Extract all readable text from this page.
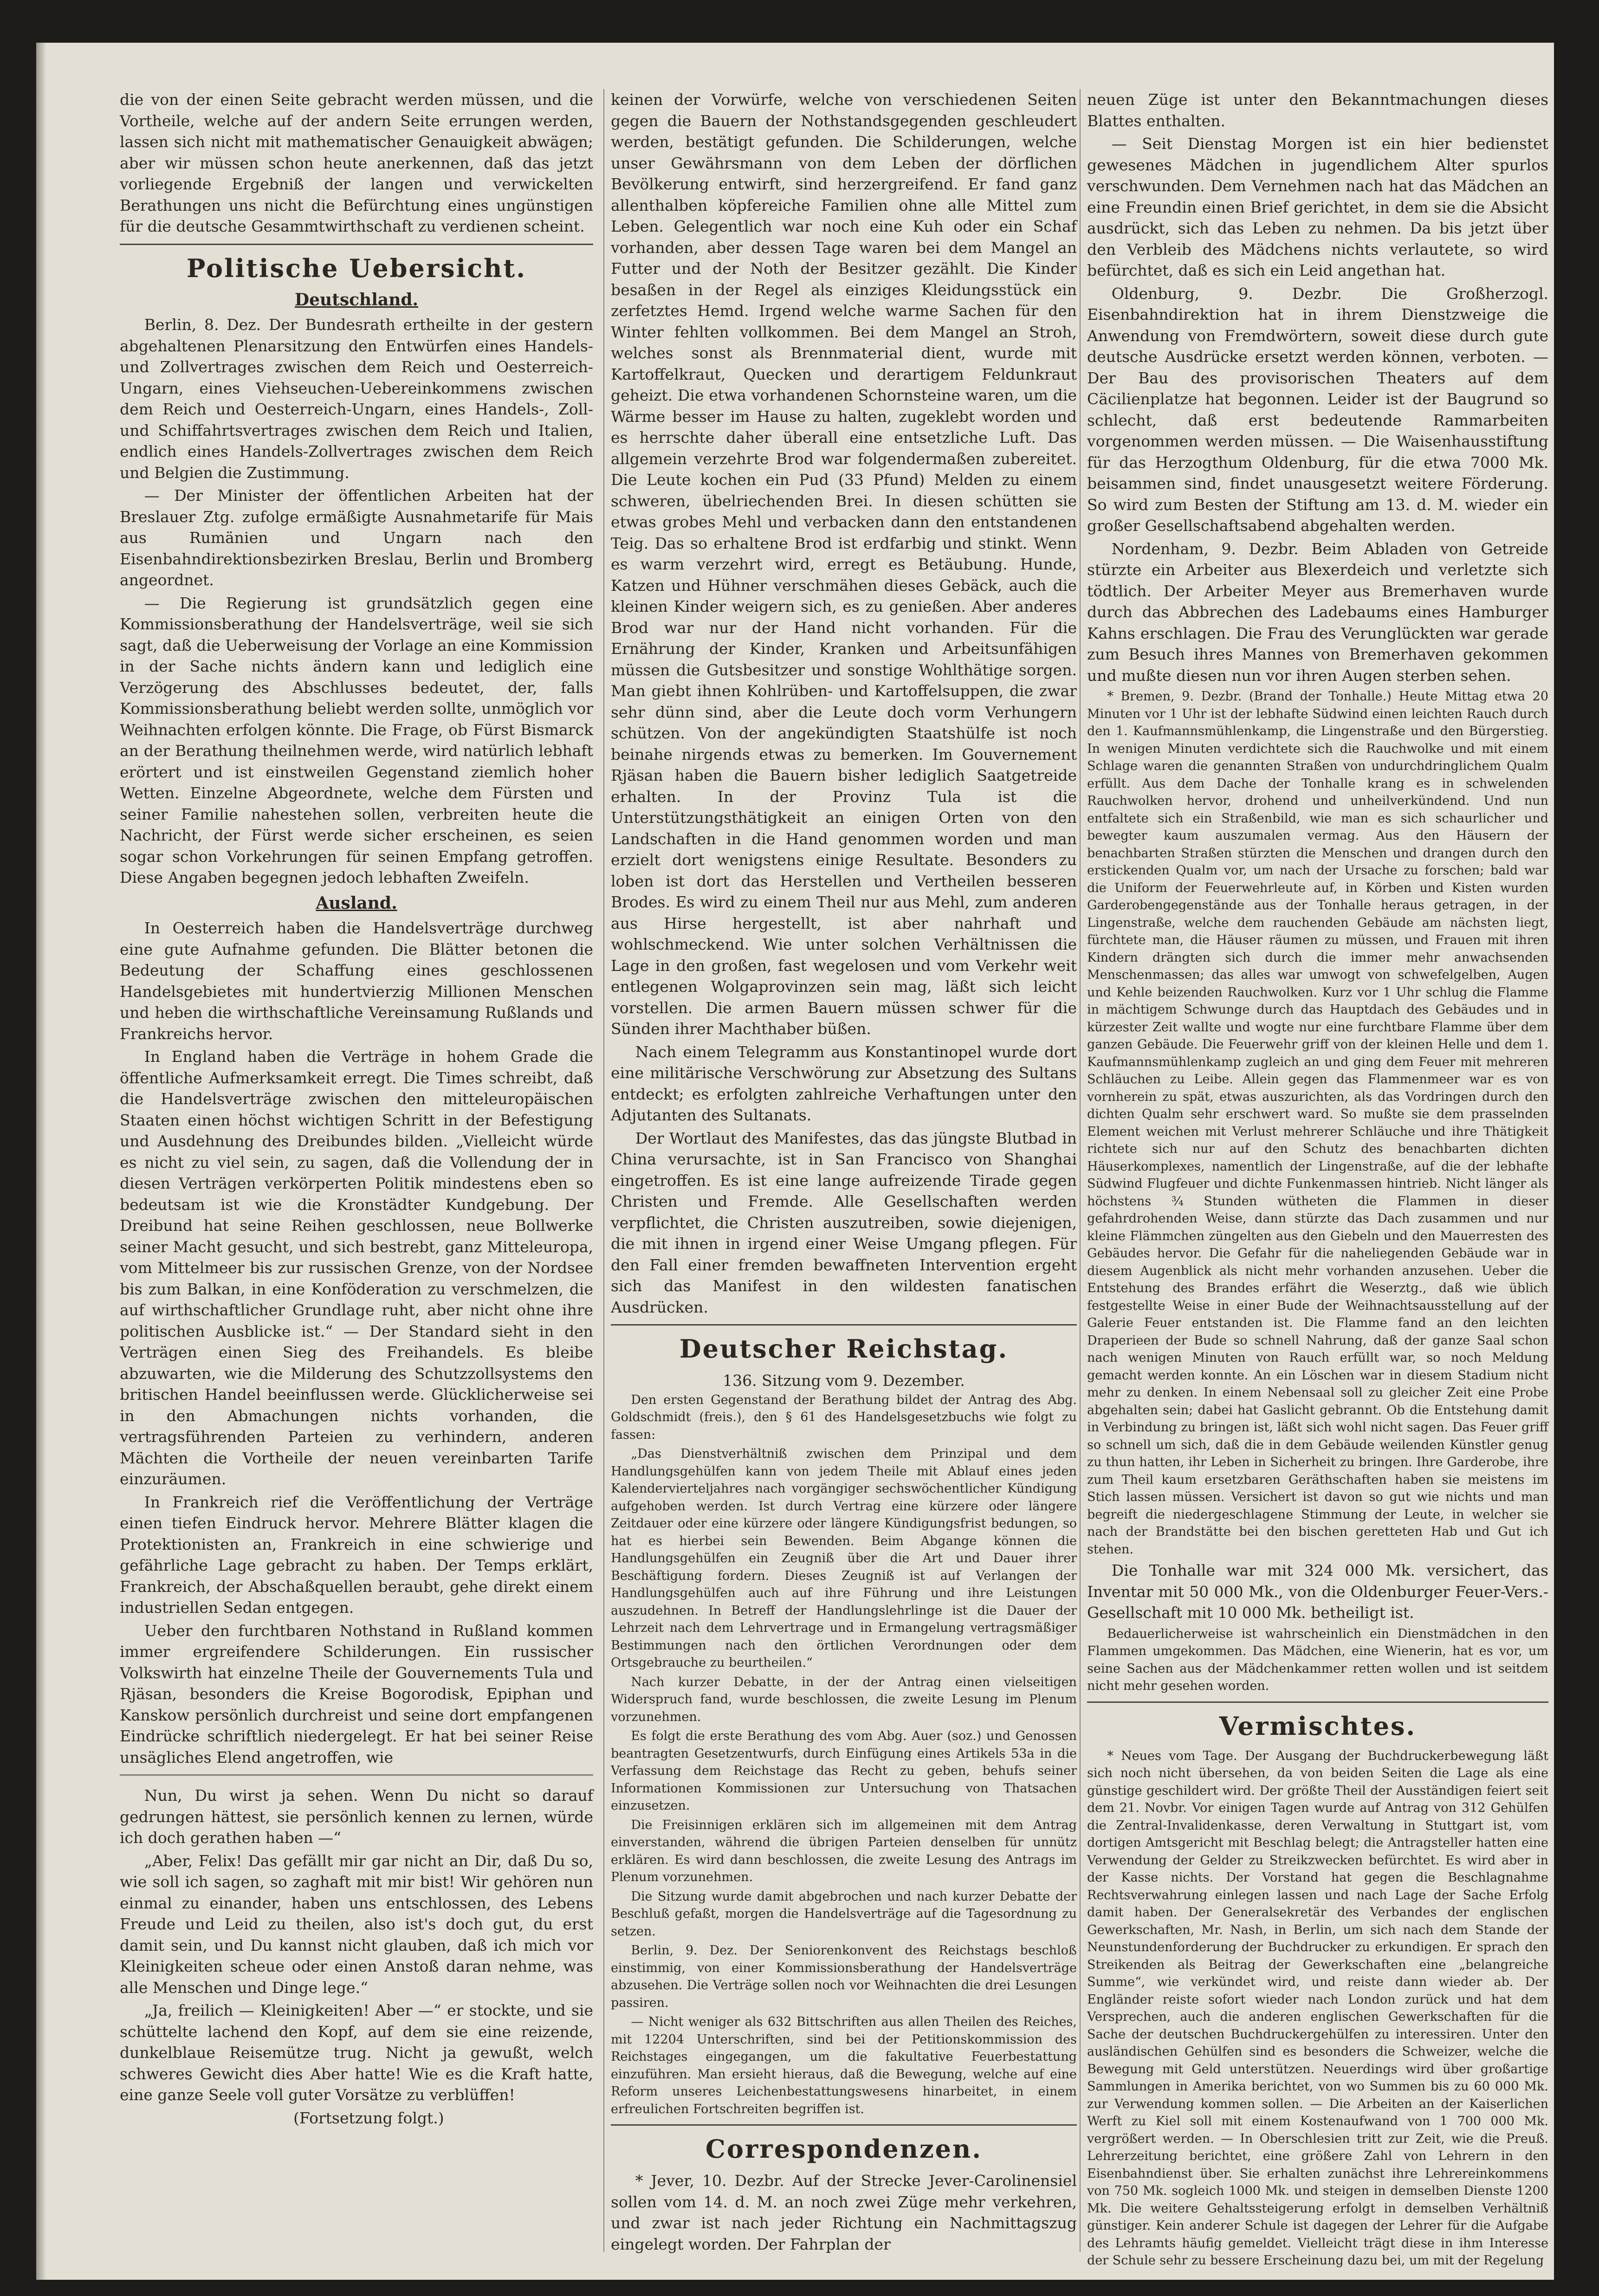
die von der einen Seite gebracht werden müssen, und die Vortheile, welche auf der andern Seite errungen werden, lassen sich nicht mit mathematischer Genauigkeit abwägen; aber wir müssen schon heute anerkennen, daß das jetzt vorliegende Ergebniß der langen und verwickelten Berathungen uns nicht die Befürchtung eines ungünstigen für die deutsche Gesammtwirthschaft zu verdienen scheint.

Politische Uebersicht.
Deutschland.

Berlin, 8. Dez. Der Bundesrath ertheilte in der gestern abgehaltenen Plenarsitzung den Entwürfen eines Handels- und Zollvertrages zwischen dem Reich und Oesterreich-Ungarn, eines Viehseuchen-Uebereinkommens zwischen dem Reich und Oesterreich-Ungarn, eines Handels-, Zoll- und Schiffahrtsvertrages zwischen dem Reich und Italien, endlich eines Handels-Zollvertrages zwischen dem Reich und Belgien die Zustimmung.

— Der Minister der öffentlichen Arbeiten hat der Breslauer Ztg. zufolge ermäßigte Ausnahmetarife für Mais aus Rumänien und Ungarn nach den Eisenbahndirektionsbezirken Breslau, Berlin und Bromberg angeordnet.

— Die Regierung ist grundsätzlich gegen eine Kommissionsberathung der Handelsverträge, weil sie sich sagt, daß die Ueberweisung der Vorlage an eine Kommission in der Sache nichts ändern kann und lediglich eine Verzögerung des Abschlusses bedeutet, der, falls Kommissionsberathung beliebt werden sollte, unmöglich vor Weihnachten erfolgen könnte. Die Frage, ob Fürst Bismarck an der Berathung theilnehmen werde, wird natürlich lebhaft erörtert und ist einstweilen Gegenstand ziemlich hoher Wetten. Einzelne Abgeordnete, welche dem Fürsten und seiner Familie nahestehen sollen, verbreiten heute die Nachricht, der Fürst werde sicher erscheinen, es seien sogar schon Vorkehrungen für seinen Empfang getroffen. Diese Angaben begegnen jedoch lebhaften Zweifeln.

Ausland.

In Oesterreich haben die Handelsverträge durchweg eine gute Aufnahme gefunden. Die Blätter betonen die Bedeutung der Schaffung eines geschlossenen Handelsgebietes mit hundertvierzig Millionen Menschen und heben die wirthschaftliche Vereinsamung Rußlands und Frankreichs hervor.

In England haben die Verträge in hohem Grade die öffentliche Aufmerksamkeit erregt. Die Times schreibt, daß die Handelsverträge zwischen den mitteleuropäischen Staaten einen höchst wichtigen Schritt in der Befestigung und Ausdehnung des Dreibundes bilden. „Vielleicht würde es nicht zu viel sein, zu sagen, daß die Vollendung der in diesen Verträgen verkörperten Politik mindestens eben so bedeutsam ist wie die Kronstädter Kundgebung. Der Dreibund hat seine Reihen geschlossen, neue Bollwerke seiner Macht gesucht, und sich bestrebt, ganz Mitteleuropa, vom Mittelmeer bis zur russischen Grenze, von der Nordsee bis zum Balkan, in eine Konföderation zu verschmelzen, die auf wirthschaftlicher Grundlage ruht, aber nicht ohne ihre politischen Ausblicke ist.“ — Der Standard sieht in den Verträgen einen Sieg des Freihandels. Es bleibe abzuwarten, wie die Milderung des Schutzzollsystems den britischen Handel beeinflussen werde. Glücklicherweise sei in den Abmachungen nichts vorhanden, die vertragsführenden Parteien zu verhindern, anderen Mächten die Vortheile der neuen vereinbarten Tarife einzuräumen.

In Frankreich rief die Veröffentlichung der Verträge einen tiefen Eindruck hervor. Mehrere Blätter klagen die Protektionisten an, Frankreich in eine schwierige und gefährliche Lage gebracht zu haben. Der Temps erklärt, Frankreich, der Abschaßquellen beraubt, gehe direkt einem industriellen Sedan entgegen.

Ueber den furchtbaren Nothstand in Rußland kommen immer ergreifendere Schilderungen. Ein russischer Volkswirth hat einzelne Theile der Gouvernements Tula und Rjäsan, besonders die Kreise Bogorodisk, Epiphan und Kanskow persönlich durchreist und seine dort empfangenen Eindrücke schriftlich niedergelegt. Er hat bei seiner Reise unsägliches Elend angetroffen, wie

Nun, Du wirst ja sehen. Wenn Du nicht so darauf gedrungen hättest, sie persönlich kennen zu lernen, würde ich doch gerathen haben —“

„Aber, Felix! Das gefällt mir gar nicht an Dir, daß Du so, wie soll ich sagen, so zaghaft mit mir bist! Wir gehören nun einmal zu einander, haben uns entschlossen, des Lebens Freude und Leid zu theilen, also ist's doch gut, du erst damit sein, und Du kannst nicht glauben, daß ich mich vor Kleinigkeiten scheue oder einen Anstoß daran nehme, was alle Menschen und Dinge lege.“

„Ja, freilich — Kleinigkeiten! Aber —“ er stockte, und sie schüttelte lachend den Kopf, auf dem sie eine reizende, dunkelblaue Reisemütze trug. Nicht ja gewußt, welch schweres Gewicht dies Aber hatte! Wie es die Kraft hatte, eine ganze Seele voll guter Vorsätze zu verblüffen!

(Fortsetzung folgt.)

keinen der Vorwürfe, welche von verschiedenen Seiten gegen die Bauern der Nothstandsgegenden geschleudert werden, bestätigt gefunden. Die Schilderungen, welche unser Gewährsmann von dem Leben der dörflichen Bevölkerung entwirft, sind herzergreifend. Er fand ganz allenthalben köpfereiche Familien ohne alle Mittel zum Leben. Gelegentlich war noch eine Kuh oder ein Schaf vorhanden, aber dessen Tage waren bei dem Mangel an Futter und der Noth der Besitzer gezählt. Die Kinder besaßen in der Regel als einziges Kleidungsstück ein zerfetztes Hemd. Irgend welche warme Sachen für den Winter fehlten vollkommen. Bei dem Mangel an Stroh, welches sonst als Brennmaterial dient, wurde mit Kartoffelkraut, Quecken und derartigem Feldunkraut geheizt. Die etwa vorhandenen Schornsteine waren, um die Wärme besser im Hause zu halten, zugeklebt worden und es herrschte daher überall eine entsetzliche Luft. Das allgemein verzehrte Brod war folgendermaßen zubereitet. Die Leute kochen ein Pud (33 Pfund) Melden zu einem schweren, übelriechenden Brei. In diesen schütten sie etwas grobes Mehl und verbacken dann den entstandenen Teig. Das so erhaltene Brod ist erdfarbig und stinkt. Wenn es warm verzehrt wird, erregt es Betäubung. Hunde, Katzen und Hühner verschmähen dieses Gebäck, auch die kleinen Kinder weigern sich, es zu genießen. Aber anderes Brod war nur der Hand nicht vorhanden. Für die Ernährung der Kinder, Kranken und Arbeitsunfähigen müssen die Gutsbesitzer und sonstige Wohlthätige sorgen. Man giebt ihnen Kohlrüben- und Kartoffelsuppen, die zwar sehr dünn sind, aber die Leute doch vorm Verhungern schützen. Von der angekündigten Staatshülfe ist noch beinahe nirgends etwas zu bemerken. Im Gouvernement Rjäsan haben die Bauern bisher lediglich Saatgetreide erhalten. In der Provinz Tula ist die Unterstützungsthätigkeit an einigen Orten von den Landschaften in die Hand genommen worden und man erzielt dort wenigstens einige Resultate. Besonders zu loben ist dort das Herstellen und Vertheilen besseren Brodes. Es wird zu einem Theil nur aus Mehl, zum anderen aus Hirse hergestellt, ist aber nahrhaft und wohlschmeckend. Wie unter solchen Verhältnissen die Lage in den großen, fast wegelosen und vom Verkehr weit entlegenen Wolgaprovinzen sein mag, läßt sich leicht vorstellen. Die armen Bauern müssen schwer für die Sünden ihrer Machthaber büßen.

Nach einem Telegramm aus Konstantinopel wurde dort eine militärische Verschwörung zur Absetzung des Sultans entdeckt; es erfolgten zahlreiche Verhaftungen unter den Adjutanten des Sultanats.

Der Wortlaut des Manifestes, das das jüngste Blutbad in China verursachte, ist in San Francisco von Shanghai eingetroffen. Es ist eine lange aufreizende Tirade gegen Christen und Fremde. Alle Gesellschaften werden verpflichtet, die Christen auszutreiben, sowie diejenigen, die mit ihnen in irgend einer Weise Umgang pflegen. Für den Fall einer fremden bewaffneten Intervention ergeht sich das Manifest in den wildesten fanatischen Ausdrücken.

Deutscher Reichstag.
136. Sitzung vom 9. Dezember.

Den ersten Gegenstand der Berathung bildet der Antrag des Abg. Goldschmidt (freis.), den § 61 des Handelsgesetzbuchs wie folgt zu fassen:

„Das Dienstverhältniß zwischen dem Prinzipal und dem Handlungsgehülfen kann von jedem Theile mit Ablauf eines jeden Kalendervierteljahres nach vorgängiger sechswöchentlicher Kündigung aufgehoben werden. Ist durch Vertrag eine kürzere oder längere Zeitdauer oder eine kürzere oder längere Kündigungsfrist bedungen, so hat es hierbei sein Bewenden. Beim Abgange können die Handlungsgehülfen ein Zeugniß über die Art und Dauer ihrer Beschäftigung fordern. Dieses Zeugniß ist auf Verlangen der Handlungsgehülfen auch auf ihre Führung und ihre Leistungen auszudehnen. In Betreff der Handlungslehrlinge ist die Dauer der Lehrzeit nach dem Lehrvertrage und in Ermangelung vertragsmäßiger Bestimmungen nach den örtlichen Verordnungen oder dem Ortsgebrauche zu beurtheilen.“

Nach kurzer Debatte, in der der Antrag einen vielseitigen Widerspruch fand, wurde beschlossen, die zweite Lesung im Plenum vorzunehmen.

Es folgt die erste Berathung des vom Abg. Auer (soz.) und Genossen beantragten Gesetzentwurfs, durch Einfügung eines Artikels 53a in die Verfassung dem Reichstage das Recht zu geben, behufs seiner Informationen Kommissionen zur Untersuchung von Thatsachen einzusetzen.

Die Freisinnigen erklären sich im allgemeinen mit dem Antrag einverstanden, während die übrigen Parteien denselben für unnütz erklären. Es wird dann beschlossen, die zweite Lesung des Antrags im Plenum vorzunehmen.

Die Sitzung wurde damit abgebrochen und nach kurzer Debatte der Beschluß gefaßt, morgen die Handelsverträge auf die Tagesordnung zu setzen.

Berlin, 9. Dez. Der Seniorenkonvent des Reichstags beschloß einstimmig, von einer Kommissionsberathung der Handelsverträge abzusehen. Die Verträge sollen noch vor Weihnachten die drei Lesungen passiren.

— Nicht weniger als 632 Bittschriften aus allen Theilen des Reiches, mit 12204 Unterschriften, sind bei der Petitionskommission des Reichstages eingegangen, um die fakultative Feuerbestattung einzuführen. Man ersieht hieraus, daß die Bewegung, welche auf eine Reform unseres Leichenbestattungswesens hinarbeitet, in einem erfreulichen Fortschreiten begriffen ist.

Correspondenzen.

* Jever, 10. Dezbr. Auf der Strecke Jever-Carolinensiel sollen vom 14. d. M. an noch zwei Züge mehr verkehren, und zwar ist nach jeder Richtung ein Nachmittagszug eingelegt worden. Der Fahrplan der

neuen Züge ist unter den Bekanntmachungen dieses Blattes enthalten.

— Seit Dienstag Morgen ist ein hier bedienstet gewesenes Mädchen in jugendlichem Alter spurlos verschwunden. Dem Vernehmen nach hat das Mädchen an eine Freundin einen Brief gerichtet, in dem sie die Absicht ausdrückt, sich das Leben zu nehmen. Da bis jetzt über den Verbleib des Mädchens nichts verlautete, so wird befürchtet, daß es sich ein Leid angethan hat.

Oldenburg, 9. Dezbr. Die Großherzogl. Eisenbahndirektion hat in ihrem Dienstzweige die Anwendung von Fremdwörtern, soweit diese durch gute deutsche Ausdrücke ersetzt werden können, verboten. — Der Bau des provisorischen Theaters auf dem Cäcilienplatze hat begonnen. Leider ist der Baugrund so schlecht, daß erst bedeutende Rammarbeiten vorgenommen werden müssen. — Die Waisenhausstiftung für das Herzogthum Oldenburg, für die etwa 7000 Mk. beisammen sind, findet unausgesetzt weitere Förderung. So wird zum Besten der Stiftung am 13. d. M. wieder ein großer Gesellschaftsabend abgehalten werden.

Nordenham, 9. Dezbr. Beim Abladen von Getreide stürzte ein Arbeiter aus Blexerdeich und verletzte sich tödtlich. Der Arbeiter Meyer aus Bremerhaven wurde durch das Abbrechen des Ladebaums eines Hamburger Kahns erschlagen. Die Frau des Verunglückten war gerade zum Besuch ihres Mannes von Bremerhaven gekommen und mußte diesen nun vor ihren Augen sterben sehen.

* Bremen, 9. Dezbr. (Brand der Tonhalle.) Heute Mittag etwa 20 Minuten vor 1 Uhr ist der lebhafte Südwind einen leichten Rauch durch den 1. Kaufmannsmühlenkamp, die Lingenstraße und den Bürgerstieg. In wenigen Minuten verdichtete sich die Rauchwolke und mit einem Schlage waren die genannten Straßen von undurchdringlichem Qualm erfüllt. Aus dem Dache der Tonhalle krang es in schwelenden Rauchwolken hervor, drohend und unheilverkündend. Und nun entfaltete sich ein Straßenbild, wie man es sich schaurlicher und bewegter kaum auszumalen vermag. Aus den Häusern der benachbarten Straßen stürzten die Menschen und drangen durch den erstickenden Qualm vor, um nach der Ursache zu forschen; bald war die Uniform der Feuerwehrleute auf, in Körben und Kisten wurden Garderobengegenstände aus der Tonhalle heraus getragen, in der Lingenstraße, welche dem rauchenden Gebäude am nächsten liegt, fürchtete man, die Häuser räumen zu müssen, und Frauen mit ihren Kindern drängten sich durch die immer mehr anwachsenden Menschenmassen; das alles war umwogt von schwefelgelben, Augen und Kehle beizenden Rauchwolken. Kurz vor 1 Uhr schlug die Flamme in mächtigem Schwunge durch das Hauptdach des Gebäudes und in kürzester Zeit wallte und wogte nur eine furchtbare Flamme über dem ganzen Gebäude. Die Feuerwehr griff von der kleinen Helle und dem 1. Kaufmannsmühlenkamp zugleich an und ging dem Feuer mit mehreren Schläuchen zu Leibe. Allein gegen das Flammenmeer war es von vornherein zu spät, etwas auszurichten, als das Vordringen durch den dichten Qualm sehr erschwert ward. So mußte sie dem prasselnden Element weichen mit Verlust mehrerer Schläuche und ihre Thätigkeit richtete sich nur auf den Schutz des benachbarten dichten Häuserkomplexes, namentlich der Lingenstraße, auf die der lebhafte Südwind Flugfeuer und dichte Funkenmassen hintrieb. Nicht länger als höchstens ¾ Stunden wütheten die Flammen in dieser gefahrdrohenden Weise, dann stürzte das Dach zusammen und nur kleine Flämmchen züngelten aus den Giebeln und den Mauerresten des Gebäudes hervor. Die Gefahr für die naheliegenden Gebäude war in diesem Augenblick als nicht mehr vorhanden anzusehen. Ueber die Entstehung des Brandes erfährt die Weserztg., daß wie üblich festgestellte Weise in einer Bude der Weihnachtsausstellung auf der Galerie Feuer entstanden ist. Die Flamme fand an den leichten Draperieen der Bude so schnell Nahrung, daß der ganze Saal schon nach wenigen Minuten von Rauch erfüllt war, so noch Meldung gemacht werden konnte. An ein Löschen war in diesem Stadium nicht mehr zu denken. In einem Nebensaal soll zu gleicher Zeit eine Probe abgehalten sein; dabei hat Gaslicht gebrannt. Ob die Entstehung damit in Verbindung zu bringen ist, läßt sich wohl nicht sagen. Das Feuer griff so schnell um sich, daß die in dem Gebäude weilenden Künstler genug zu thun hatten, ihr Leben in Sicherheit zu bringen. Ihre Garderobe, ihre zum Theil kaum ersetzbaren Geräthschaften haben sie meistens im Stich lassen müssen. Versichert ist davon so gut wie nichts und man begreift die niedergeschlagene Stimmung der Leute, in welcher sie nach der Brandstätte bei den bischen geretteten Hab und Gut ich stehen.

Die Tonhalle war mit 324 000 Mk. versichert, das Inventar mit 50 000 Mk., von die Oldenburger Feuer-Vers.-Gesellschaft mit 10 000 Mk. betheiligt ist.

Bedauerlicherweise ist wahrscheinlich ein Dienstmädchen in den Flammen umgekommen. Das Mädchen, eine Wienerin, hat es vor, um seine Sachen aus der Mädchenkammer retten wollen und ist seitdem nicht mehr gesehen worden.

Vermischtes.

* Neues vom Tage. Der Ausgang der Buchdruckerbewegung läßt sich noch nicht übersehen, da von beiden Seiten die Lage als eine günstige geschildert wird. Der größte Theil der Ausständigen feiert seit dem 21. Novbr. Vor einigen Tagen wurde auf Antrag von 312 Gehülfen die Zentral-Invalidenkasse, deren Verwaltung in Stuttgart ist, vom dortigen Amtsgericht mit Beschlag belegt; die Antragsteller hatten eine Verwendung der Gelder zu Streikzwecken befürchtet. Es wird aber in der Kasse nichts. Der Vorstand hat gegen die Beschlagnahme Rechtsverwahrung einlegen lassen und nach Lage der Sache Erfolg damit haben. Der Generalsekretär des Verbandes der englischen Gewerkschaften, Mr. Nash, in Berlin, um sich nach dem Stande der Neunstundenforderung der Buchdrucker zu erkundigen. Er sprach den Streikenden als Beitrag der Gewerkschaften eine „belangreiche Summe“, wie verkündet wird, und reiste dann wieder ab. Der Engländer reiste sofort wieder nach London zurück und hat dem Versprechen, auch die anderen englischen Gewerkschaften für die Sache der deutschen Buchdruckergehülfen zu interessiren. Unter den ausländischen Gehülfen sind es besonders die Schweizer, welche die Bewegung mit Geld unterstützen. Neuerdings wird über großartige Sammlungen in Amerika berichtet, von wo Summen bis zu 60 000 Mk. zur Verwendung kommen sollen. — Die Arbeiten an der Kaiserlichen Werft zu Kiel soll mit einem Kostenaufwand von 1 700 000 Mk. vergrößert werden. — In Oberschlesien tritt zur Zeit, wie die Preuß. Lehrerzeitung berichtet, eine größere Zahl von Lehrern in den Eisenbahndienst über. Sie erhalten zunächst ihre Lehrereinkommens von 750 Mk. sogleich 1000 Mk. und steigen in demselben Dienste 1200 Mk. Die weitere Gehaltssteigerung erfolgt in demselben Verhältniß günstiger. Kein anderer Schule ist dagegen der Lehrer für die Aufgabe des Lehramts häufig gemeldet. Vielleicht trägt diese in ihm Interesse der Schule sehr zu bessere Erscheinung dazu bei, um mit der Regelung
